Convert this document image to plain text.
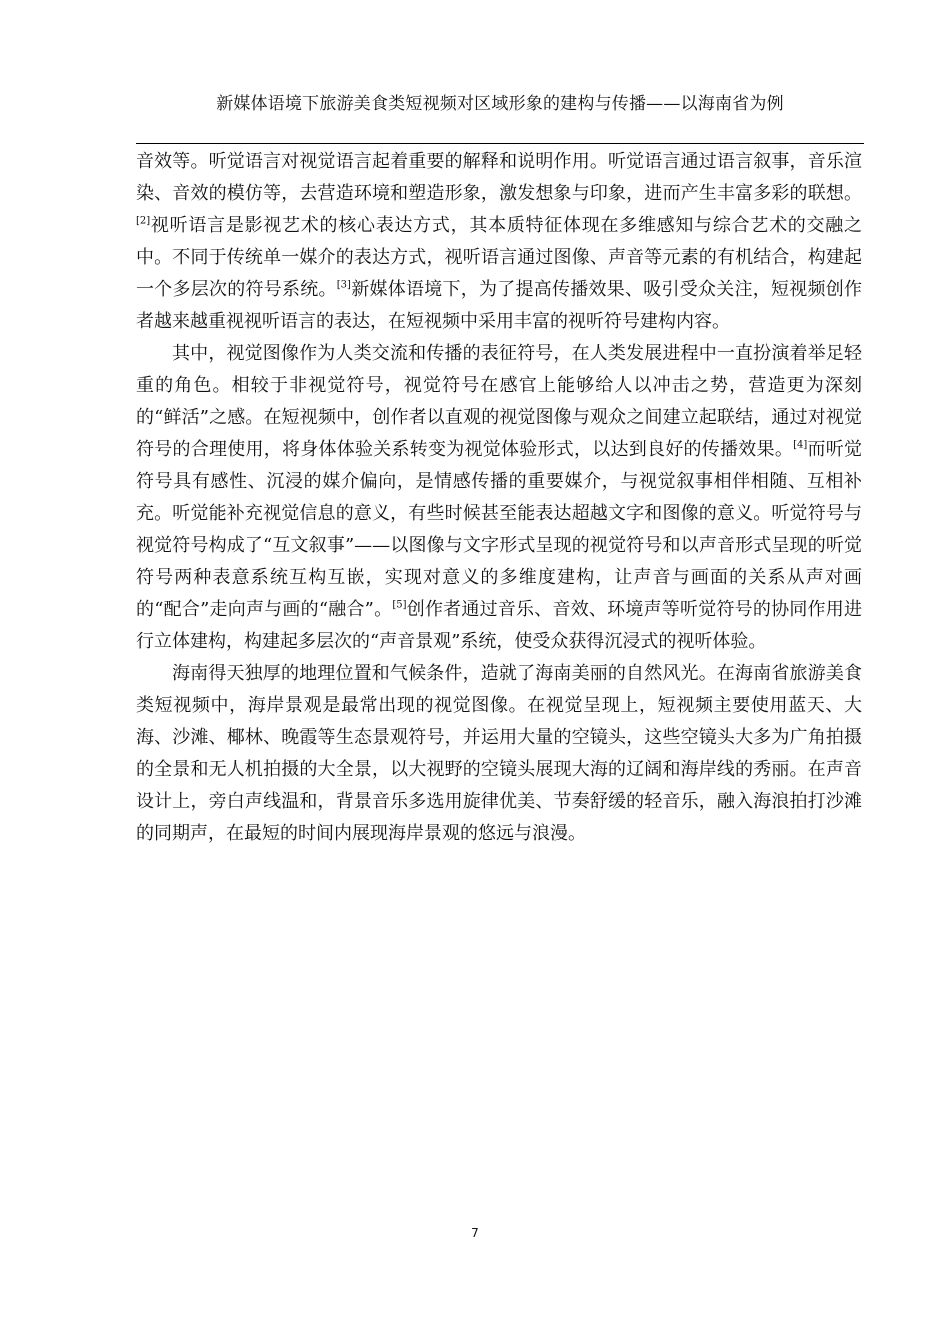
新媒体语境下旅游美食类短视频对区域形象的建构与传播——以海南省为例

音效等。听觉语言对视觉语言起着重要的解释和说明作用。听觉语言通过语言叙事，音乐渲染、音效的模仿等，去营造环境和塑造形象，激发想象与印象，进而产生丰富多彩的联想。[2]视听语言是影视艺术的核心表达方式，其本质特征体现在多维感知与综合艺术的交融之中。不同于传统单一媒介的表达方式，视听语言通过图像、声音等元素的有机结合，构建起一个多层次的符号系统。[3]新媒体语境下，为了提高传播效果、吸引受众关注，短视频创作者越来越重视视听语言的表达，在短视频中采用丰富的视听符号建构内容。

其中，视觉图像作为人类交流和传播的表征符号，在人类发展进程中一直扮演着举足轻重的角色。相较于非视觉符号，视觉符号在感官上能够给人以冲击之势，营造更为深刻的“鲜活”之感。在短视频中，创作者以直观的视觉图像与观众之间建立起联结，通过对视觉符号的合理使用，将身体体验关系转变为视觉体验形式，以达到良好的传播效果。[4]而听觉符号具有感性、沉浸的媒介偏向，是情感传播的重要媒介，与视觉叙事相伴相随、互相补充。听觉能补充视觉信息的意义，有些时候甚至能表达超越文字和图像的意义。听觉符号与视觉符号构成了“互文叙事”——以图像与文字形式呈现的视觉符号和以声音形式呈现的听觉符号两种表意系统互构互嵌，实现对意义的多维度建构，让声音与画面的关系从声对画的“配合”走向声与画的“融合”。[5]创作者通过音乐、音效、环境声等听觉符号的协同作用进行立体建构，构建起多层次的“声音景观”系统，使受众获得沉浸式的视听体验。

海南得天独厚的地理位置和气候条件，造就了海南美丽的自然风光。在海南省旅游美食类短视频中，海岸景观是最常出现的视觉图像。在视觉呈现上，短视频主要使用蓝天、大海、沙滩、椰林、晚霞等生态景观符号，并运用大量的空镜头，这些空镜头大多为广角拍摄的全景和无人机拍摄的大全景，以大视野的空镜头展现大海的辽阔和海岸线的秀丽。在声音设计上，旁白声线温和，背景音乐多选用旋律优美、节奏舒缓的轻音乐，融入海浪拍打沙滩的同期声，在最短的时间内展现海岸景观的悠远与浪漫。

7
